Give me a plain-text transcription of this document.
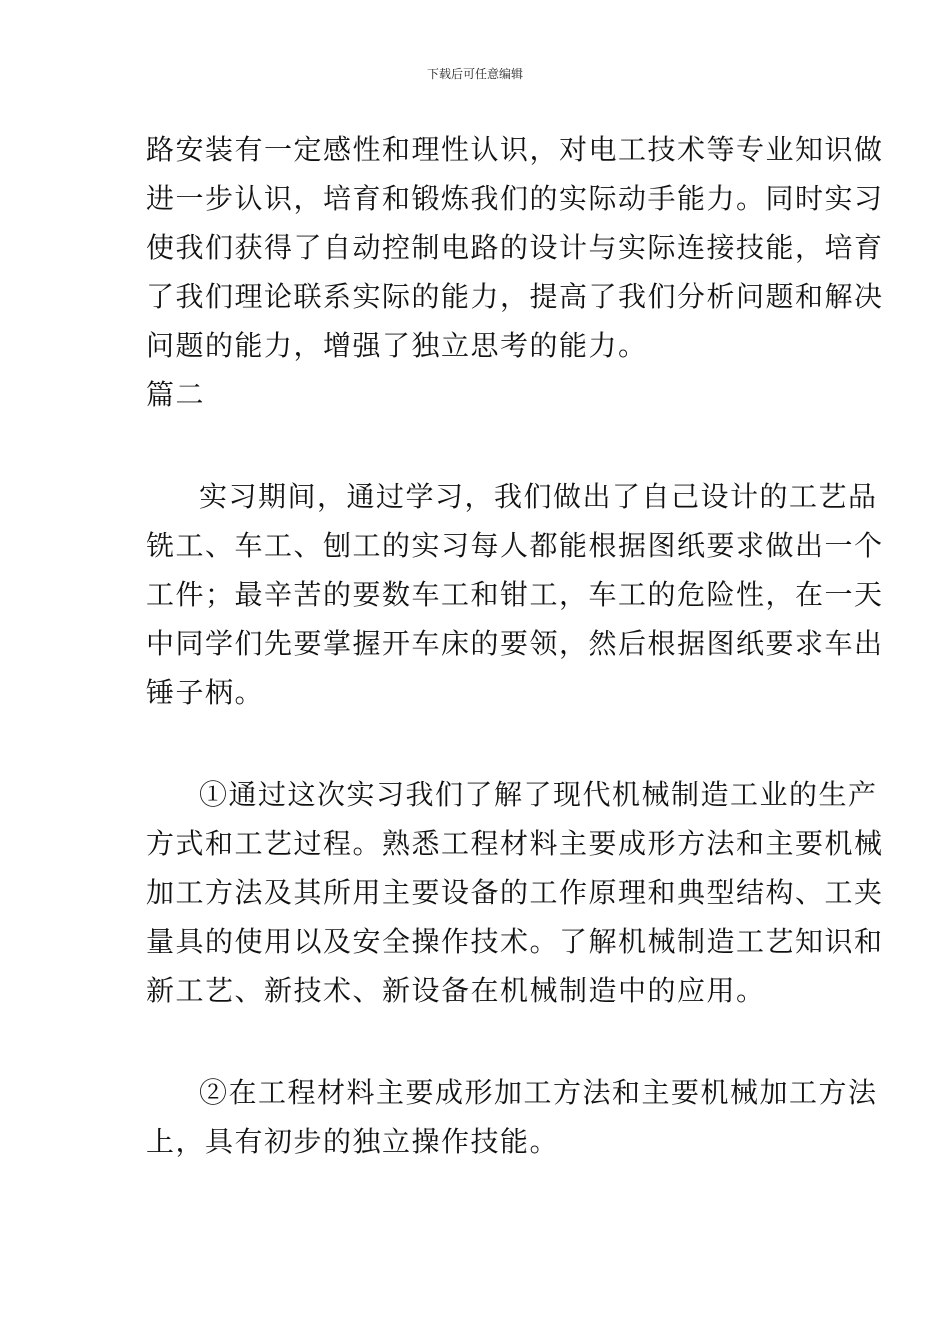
下载后可任意编辑
路安装有一定感性和理性认识，对电工技术等专业知识做
进一步认识，培育和锻炼我们的实际动手能力。同时实习
使我们获得了自动控制电路的设计与实际连接技能，培育
了我们理论联系实际的能力，提高了我们分析问题和解决
问题的能力，增强了独立思考的能力。
篇二
实习期间，通过学习，我们做出了自己设计的工艺品
铣工、车工、刨工的实习每人都能根据图纸要求做出一个
工件；最辛苦的要数车工和钳工，车工的危险性，在一天
中同学们先要掌握开车床的要领，然后根据图纸要求车出
锤子柄。
①通过这次实习我们了解了现代机械制造工业的生产
方式和工艺过程。熟悉工程材料主要成形方法和主要机械
加工方法及其所用主要设备的工作原理和典型结构、工夹
量具的使用以及安全操作技术。了解机械制造工艺知识和
新工艺、新技术、新设备在机械制造中的应用。
②在工程材料主要成形加工方法和主要机械加工方法
上，具有初步的独立操作技能。
